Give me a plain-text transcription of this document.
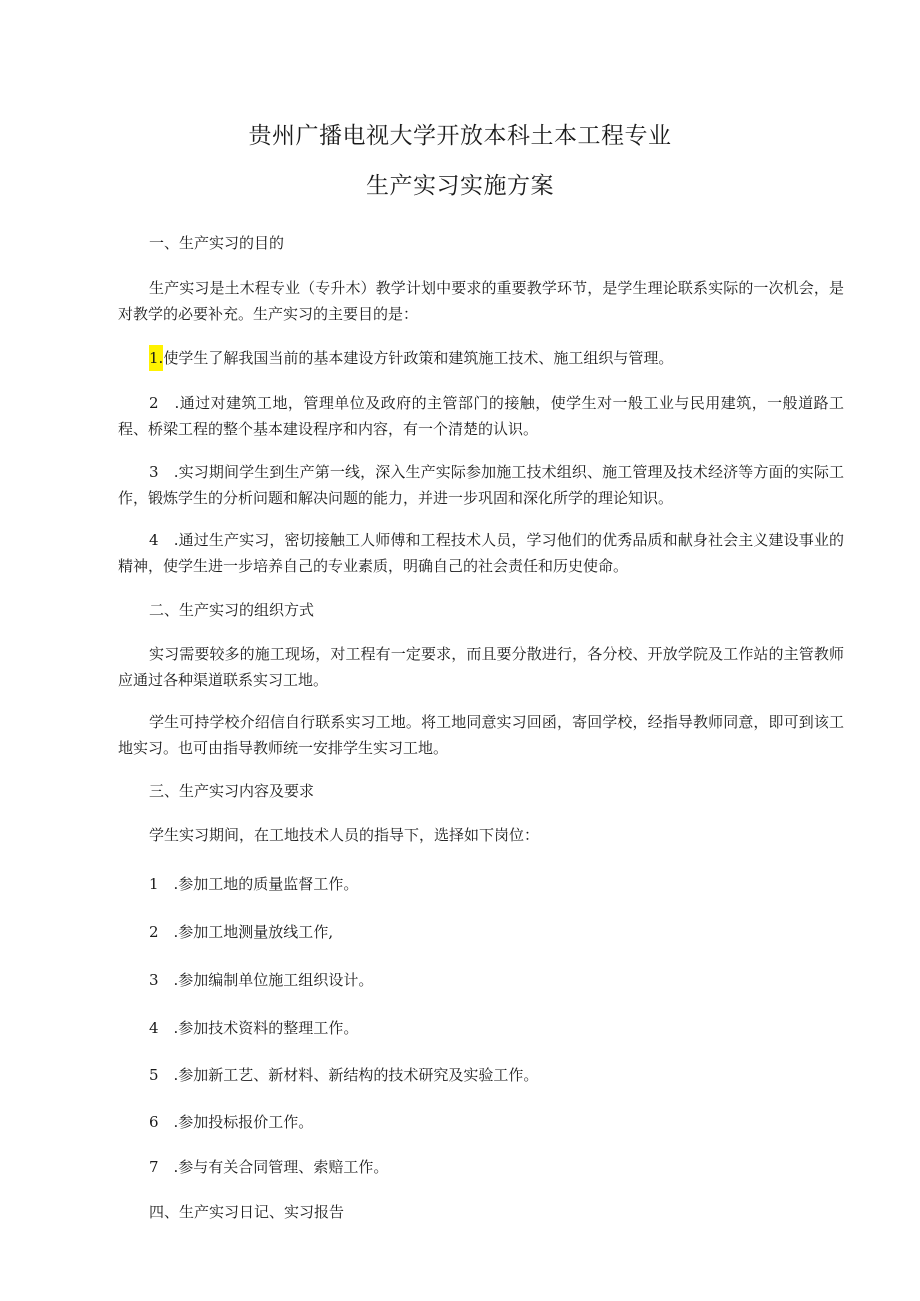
贵州广播电视大学开放本科土本工程专业
生产实习实施方案

一、生产实习的目的

生产实习是土木程专业（专升木）教学计划中要求的重要教学环节，是学生理论联系实际的一次机会，是对教学的必要补充。生产实习的主要目的是：

1.使学生了解我国当前的基本建设方针政策和建筑施工技术、施工组织与管理。

2　.通过对建筑工地，管理单位及政府的主管部门的接触，使学生对一般工业与民用建筑，一般道路工程、桥梁工程的整个基本建设程序和内容，有一个清楚的认识。

3　.实习期间学生到生产第一线，深入生产实际参加施工技术组织、施工管理及技术经济等方面的实际工作，锻炼学生的分析问题和解决问题的能力，并进一步巩固和深化所学的理论知识。

4　.通过生产实习，密切接触工人师傅和工程技术人员，学习他们的优秀品质和献身社会主义建设事业的精神，使学生进一步培养自己的专业素质，明确自己的社会责任和历史使命。

二、生产实习的组织方式

实习需要较多的施工现场，对工程有一定要求，而且要分散进行，各分校、开放学院及工作站的主管教师应通过各种渠道联系实习工地。

学生可持学校介绍信自行联系实习工地。将工地同意实习回函，寄回学校，经指导教师同意，即可到该工地实习。也可由指导教师统一安排学生实习工地。

三、生产实习内容及要求

学生实习期间，在工地技术人员的指导下，选择如下岗位：

1　.参加工地的质量监督工作。

2　.参加工地测量放线工作,

3　.参加编制单位施工组织设计。

4　.参加技术资料的整理工作。

5　.参加新工艺、新材料、新结构的技术研究及实验工作。

6　.参加投标报价工作。

7　.参与有关合同管理、索赔工作。

四、生产实习日记、实习报告
